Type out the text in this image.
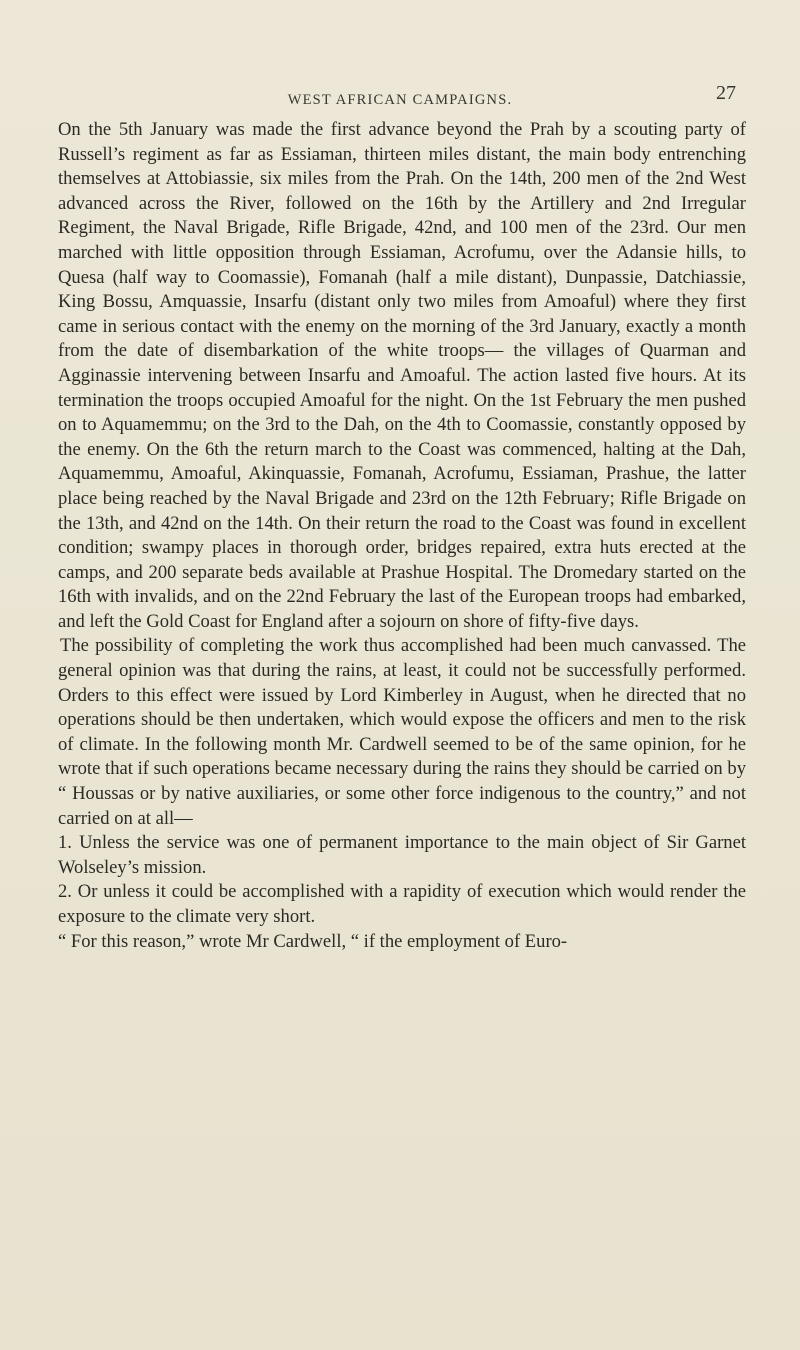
WEST AFRICAN CAMPAIGNS.	27

On the 5th January was made the first advance beyond the Prah by a scouting party of Russell’s regiment as far as Essiaman, thirteen miles distant, the main body entrenching themselves at Attobiassie, six miles from the Prah. On the 14th, 200 men of the 2nd West advanced across the River, followed on the 16th by the Artillery and 2nd Irregular Regiment, the Naval Brigade, Rifle Brigade, 42nd, and 100 men of the 23rd. Our men marched with little opposition through Essiaman, Acrofumu, over the Adansie hills, to Quesa (half way to Coomassie), Fomanah (half a mile distant), Dunpassie, Datchiassie, King Bossu, Amquassie, Insarfu (distant only two miles from Amoaful) where they first came in serious contact with the enemy on the morning of the 3rd January, exactly a month from the date of disembarkation of the white troops— the villages of Quarman and Agginassie intervening between Insarfu and Amoaful. The action lasted five hours. At its termination the troops occupied Amoaful for the night. On the 1st February the men pushed on to Aquamemmu; on the 3rd to the Dah, on the 4th to Coomassie, constantly opposed by the enemy. On the 6th the return march to the Coast was commenced, halting at the Dah, Aquamemmu, Amoaful, Akinquassie, Fomanah, Acrofumu, Essiaman, Prashue, the latter place being reached by the Naval Brigade and 23rd on the 12th February; Rifle Brigade on the 13th, and 42nd on the 14th. On their return the road to the Coast was found in excellent condition; swampy places in thorough order, bridges repaired, extra huts erected at the camps, and 200 separate beds available at Prashue Hospital. The Dromedary started on the 16th with invalids, and on the 22nd February the last of the European troops had embarked, and left the Gold Coast for England after a sojourn on shore of fifty-five days.

The possibility of completing the work thus accomplished had been much canvassed. The general opinion was that during the rains, at least, it could not be successfully performed. Orders to this effect were issued by Lord Kimberley in August, when he directed that no operations should be then undertaken, which would expose the officers and men to the risk of climate. In the following month Mr. Cardwell seemed to be of the same opinion, for he wrote that if such operations became necessary during the rains they should be carried on by “ Houssas or by native auxiliaries, or some other force indigenous to the country,” and not carried on at all—

1. Unless the service was one of permanent importance to the main object of Sir Garnet Wolseley’s mission.

2. Or unless it could be accomplished with a rapidity of execution which would render the exposure to the climate very short.

“ For this reason,” wrote Mr Cardwell, “ if the employment of Euro-
